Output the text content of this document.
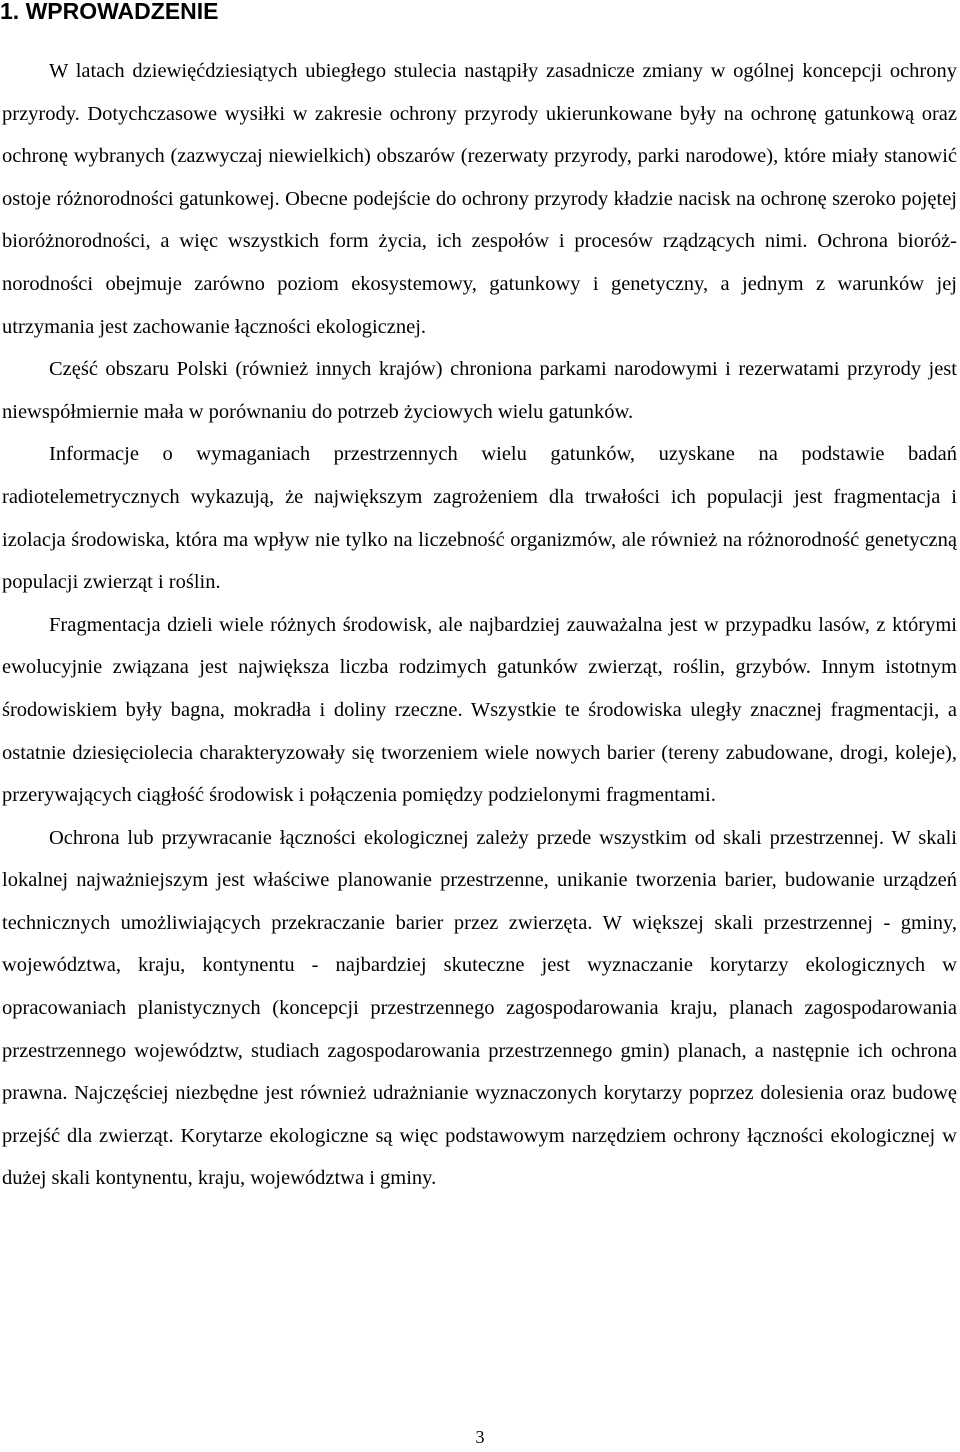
1. WPROWADZENIE

W latach dziewięćdziesiątych ubiegłego stulecia nastąpiły zasadnicze zmiany w ogólnej koncepcji ochrony przyrody. Dotychczasowe wysiłki w zakresie ochrony przyrody ukierunkowane były na ochronę gatunkową oraz ochronę wybranych (zazwyczaj niewielkich) obszarów (rezerwaty przyrody, parki narodowe), które miały stanowić ostoje różnorodności gatunkowej. Obecne podejście do ochrony przyrody kładzie nacisk na ochronę szeroko pojętej bioróżnorodności, a więc wszystkich form życia, ich zespołów i procesów rządzących nimi. Ochrona bioróżnorodności obejmuje zarówno poziom ekosystemowy, gatunkowy i genetyczny, a jednym z warunków jej utrzymania jest zachowanie łączności ekologicznej.

Część obszaru Polski (również innych krajów) chroniona parkami narodowymi i rezerwatami przyrody jest niewspółmiernie mała w porównaniu do potrzeb życiowych wielu gatunków.

Informacje o wymaganiach przestrzennych wielu gatunków, uzyskane na podstawie badań radiotelemetrycznych wykazują, że największym zagrożeniem dla trwałości ich populacji jest fragmentacja i izolacja środowiska, która ma wpływ nie tylko na liczebność organizmów, ale również na różnorodność genetyczną populacji zwierząt i roślin.

Fragmentacja dzieli wiele różnych środowisk, ale najbardziej zauważalna jest w przypadku lasów, z którymi ewolucyjnie związana jest największa liczba rodzimych gatunków zwierząt, roślin, grzybów. Innym istotnym środowiskiem były bagna, mokradła i doliny rzeczne. Wszystkie te środowiska uległy znacznej fragmentacji, a ostatnie dziesięciolecia charakteryzowały się tworzeniem wiele nowych barier (tereny zabudowane, drogi, koleje), przerywających ciągłość środowisk i połączenia pomiędzy podzielonymi fragmentami.

Ochrona lub przywracanie łączności ekologicznej zależy przede wszystkim od skali przestrzennej. W skali lokalnej najważniejszym jest właściwe planowanie przestrzenne, unikanie tworzenia barier, budowanie urządzeń technicznych umożliwiających przekraczanie barier przez zwierzęta. W większej skali przestrzennej - gminy, województwa, kraju, kontynentu - najbardziej skuteczne jest wyznaczanie korytarzy ekologicznych w opracowaniach planistycznych (koncepcji przestrzennego zagospodarowania kraju, planach zagospodarowania przestrzennego województw, studiach zagospodarowania przestrzennego gmin) planach, a następnie ich ochrona prawna. Najczęściej niezbędne jest również udrażnianie wyznaczonych korytarzy poprzez dolesienia oraz budowę przejść dla zwierząt. Korytarze ekologiczne są więc podstawowym narzędziem ochrony łączności ekologicznej w dużej skali kontynentu, kraju, województwa i gminy.

3
